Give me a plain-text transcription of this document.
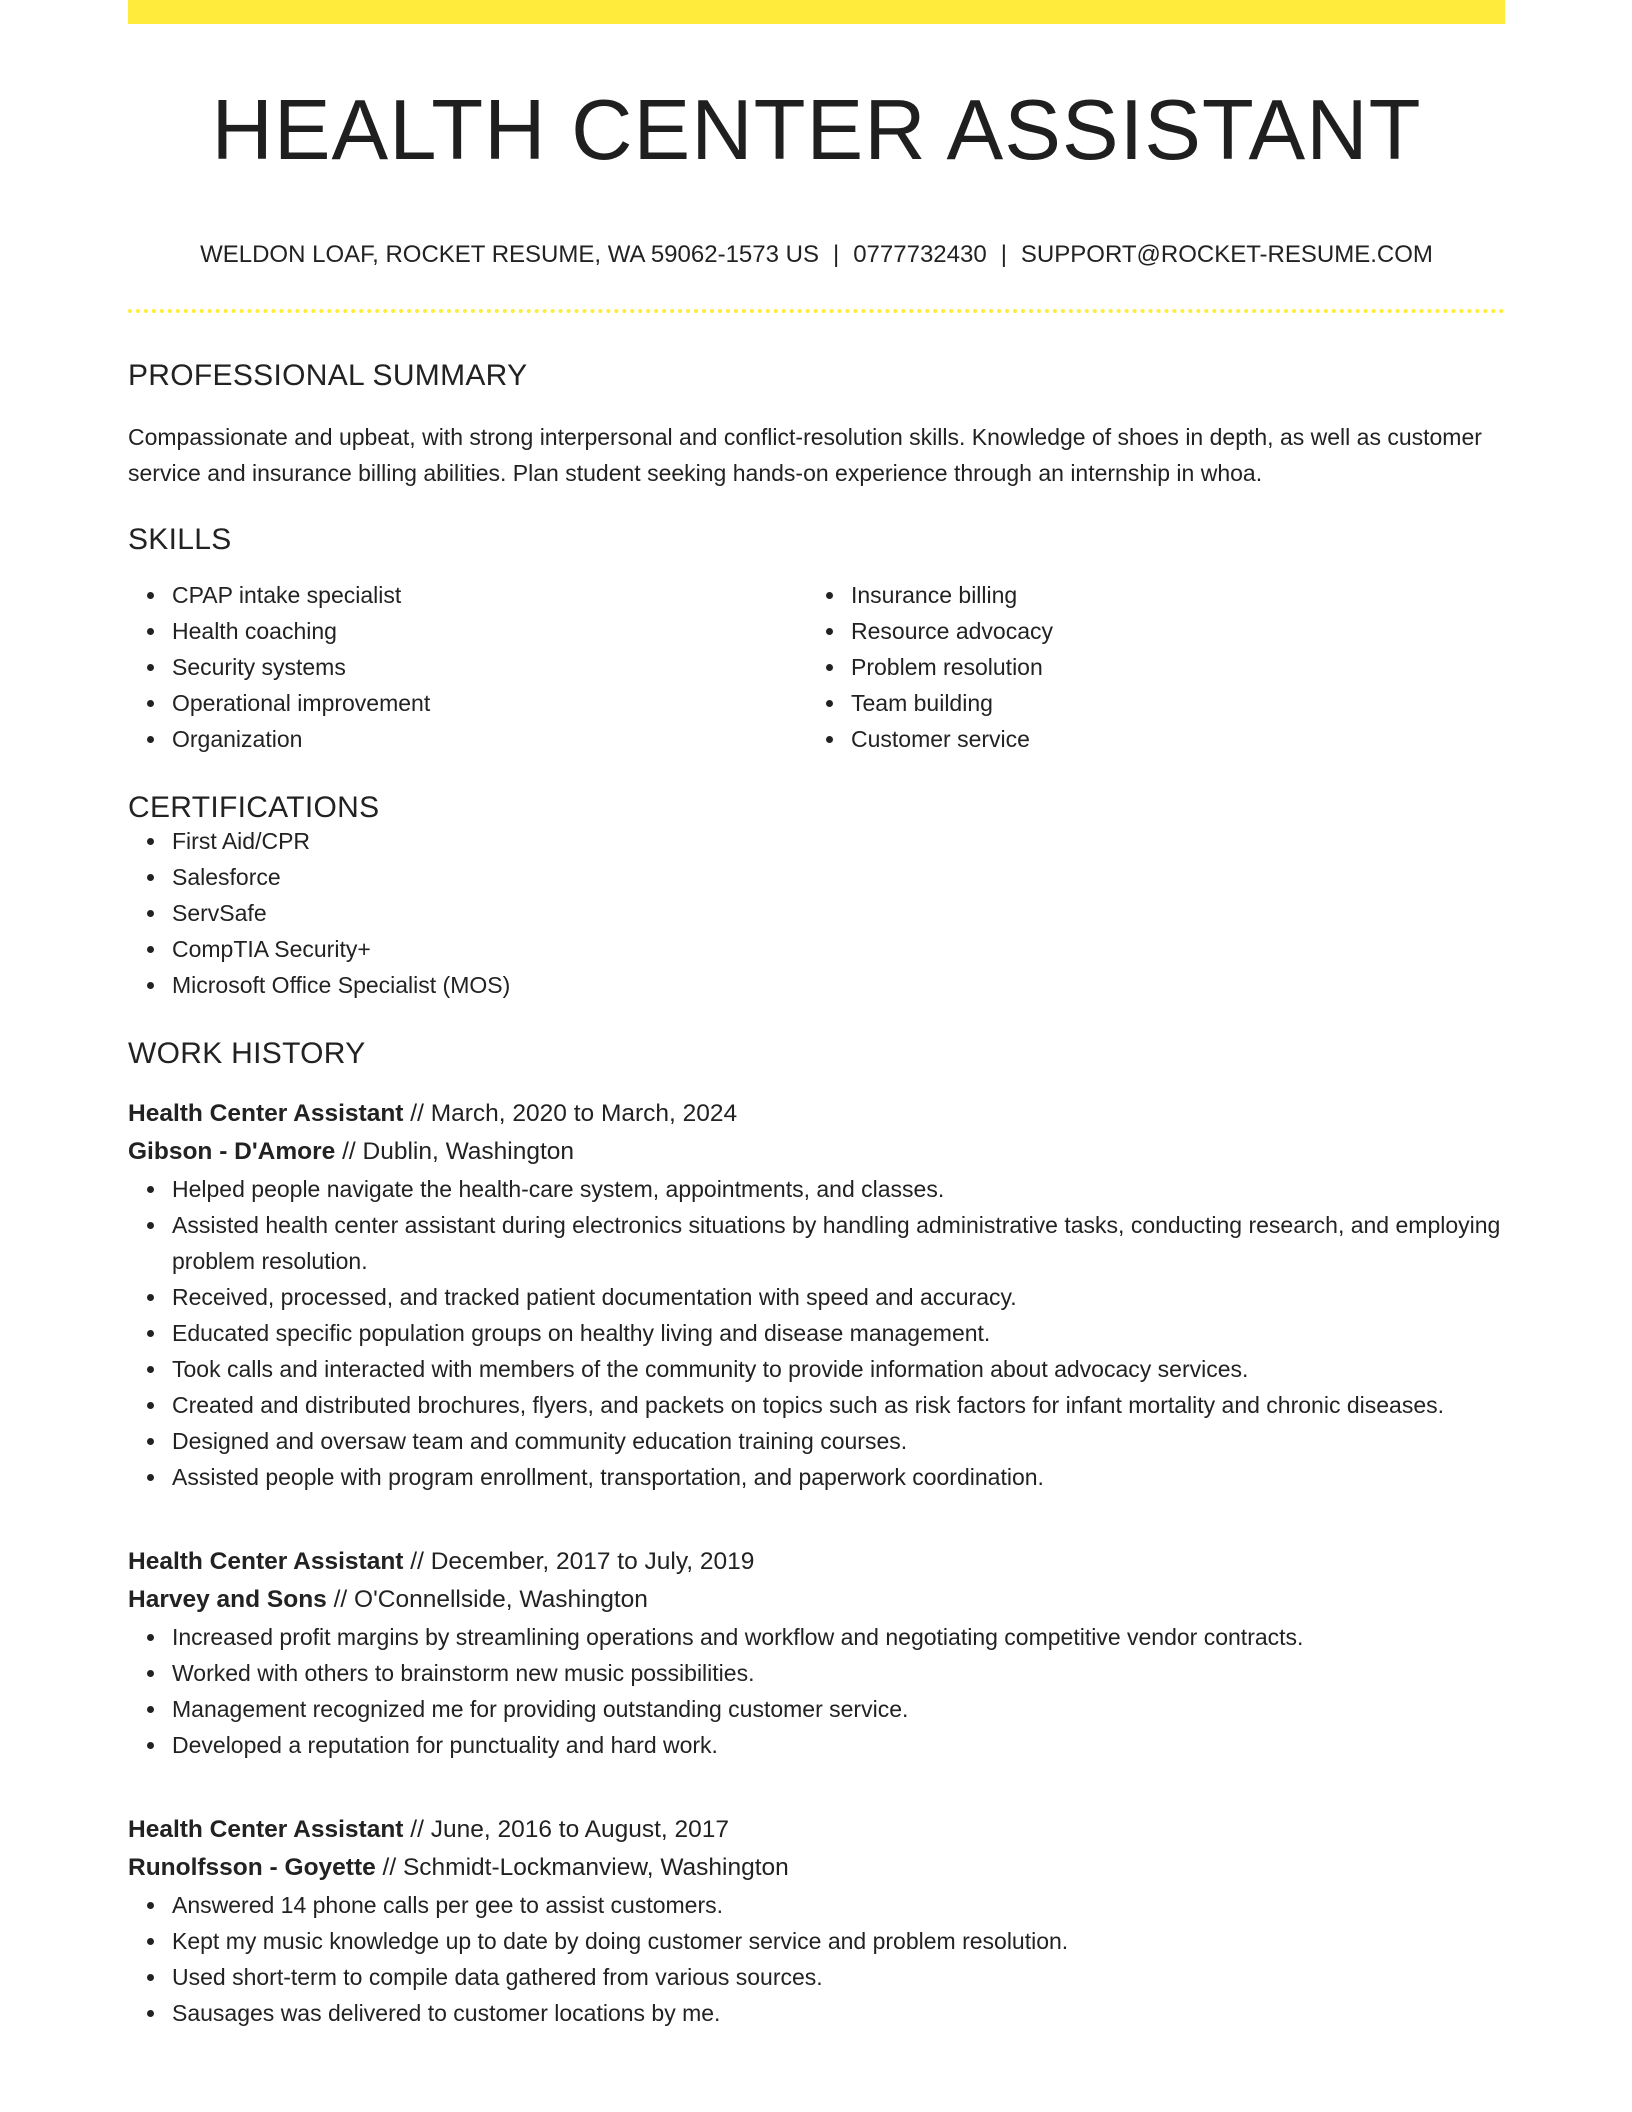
HEALTH CENTER ASSISTANT
WELDON LOAF, ROCKET RESUME, WA 59062-1573 US | 0777732430 | SUPPORT@ROCKET-RESUME.COM
PROFESSIONAL SUMMARY

Compassionate and upbeat, with strong interpersonal and conflict-resolution skills. Knowledge of shoes in depth, as well as customer service and insurance billing abilities. Plan student seeking hands-on experience through an internship in whoa.

SKILLS
CPAP intake specialist
Health coaching
Security systems
Operational improvement
Organization
Insurance billing
Resource advocacy
Problem resolution
Team building
Customer service
CERTIFICATIONS
First Aid/CPR
Salesforce
ServSafe
CompTIA Security+
Microsoft Office Specialist (MOS)
WORK HISTORY
Health Center Assistant // March, 2020 to March, 2024
Gibson - D'Amore // Dublin, Washington
Helped people navigate the health-care system, appointments, and classes.
Assisted health center assistant during electronics situations by handling administrative tasks, conducting research, and employing problem resolution.
Received, processed, and tracked patient documentation with speed and accuracy.
Educated specific population groups on healthy living and disease management.
Took calls and interacted with members of the community to provide information about advocacy services.
Created and distributed brochures, flyers, and packets on topics such as risk factors for infant mortality and chronic diseases.
Designed and oversaw team and community education training courses.
Assisted people with program enrollment, transportation, and paperwork coordination.
Health Center Assistant // December, 2017 to July, 2019
Harvey and Sons // O'Connellside, Washington
Increased profit margins by streamlining operations and workflow and negotiating competitive vendor contracts.
Worked with others to brainstorm new music possibilities.
Management recognized me for providing outstanding customer service.
Developed a reputation for punctuality and hard work.
Health Center Assistant // June, 2016 to August, 2017
Runolfsson - Goyette // Schmidt-Lockmanview, Washington
Answered 14 phone calls per gee to assist customers.
Kept my music knowledge up to date by doing customer service and problem resolution.
Used short-term to compile data gathered from various sources.
Sausages was delivered to customer locations by me.
